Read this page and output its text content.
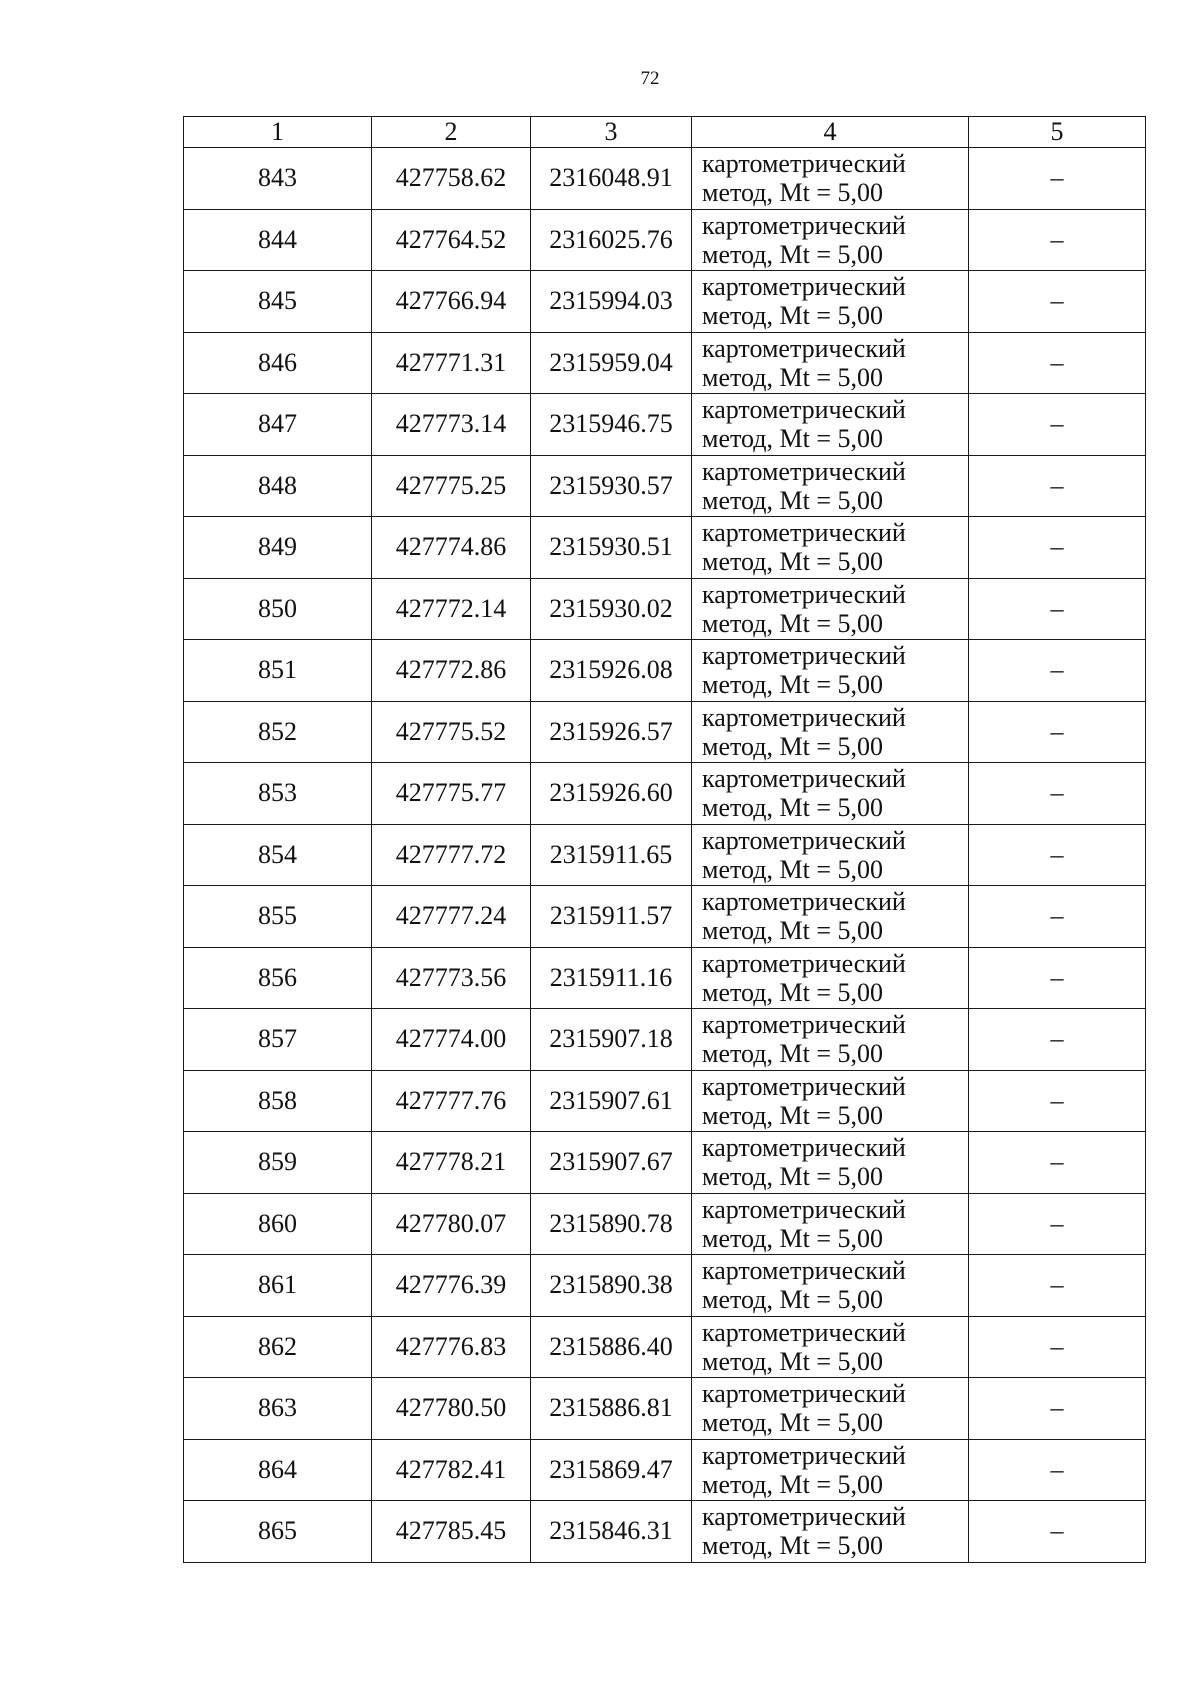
72
1	2	3	4	5
843	427758.62	2316048.91	картометрический
метод, Mt = 5,00	–
844	427764.52	2316025.76	картометрический
метод, Mt = 5,00	–
845	427766.94	2315994.03	картометрический
метод, Mt = 5,00	–
846	427771.31	2315959.04	картометрический
метод, Mt = 5,00	–
847	427773.14	2315946.75	картометрический
метод, Mt = 5,00	–
848	427775.25	2315930.57	картометрический
метод, Mt = 5,00	–
849	427774.86	2315930.51	картометрический
метод, Mt = 5,00	–
850	427772.14	2315930.02	картометрический
метод, Mt = 5,00	–
851	427772.86	2315926.08	картометрический
метод, Mt = 5,00	–
852	427775.52	2315926.57	картометрический
метод, Mt = 5,00	–
853	427775.77	2315926.60	картометрический
метод, Mt = 5,00	–
854	427777.72	2315911.65	картометрический
метод, Mt = 5,00	–
855	427777.24	2315911.57	картометрический
метод, Mt = 5,00	–
856	427773.56	2315911.16	картометрический
метод, Mt = 5,00	–
857	427774.00	2315907.18	картометрический
метод, Mt = 5,00	–
858	427777.76	2315907.61	картометрический
метод, Mt = 5,00	–
859	427778.21	2315907.67	картометрический
метод, Mt = 5,00	–
860	427780.07	2315890.78	картометрический
метод, Mt = 5,00	–
861	427776.39	2315890.38	картометрический
метод, Mt = 5,00	–
862	427776.83	2315886.40	картометрический
метод, Mt = 5,00	–
863	427780.50	2315886.81	картометрический
метод, Mt = 5,00	–
864	427782.41	2315869.47	картометрический
метод, Mt = 5,00	–
865	427785.45	2315846.31	картометрический
метод, Mt = 5,00	–
